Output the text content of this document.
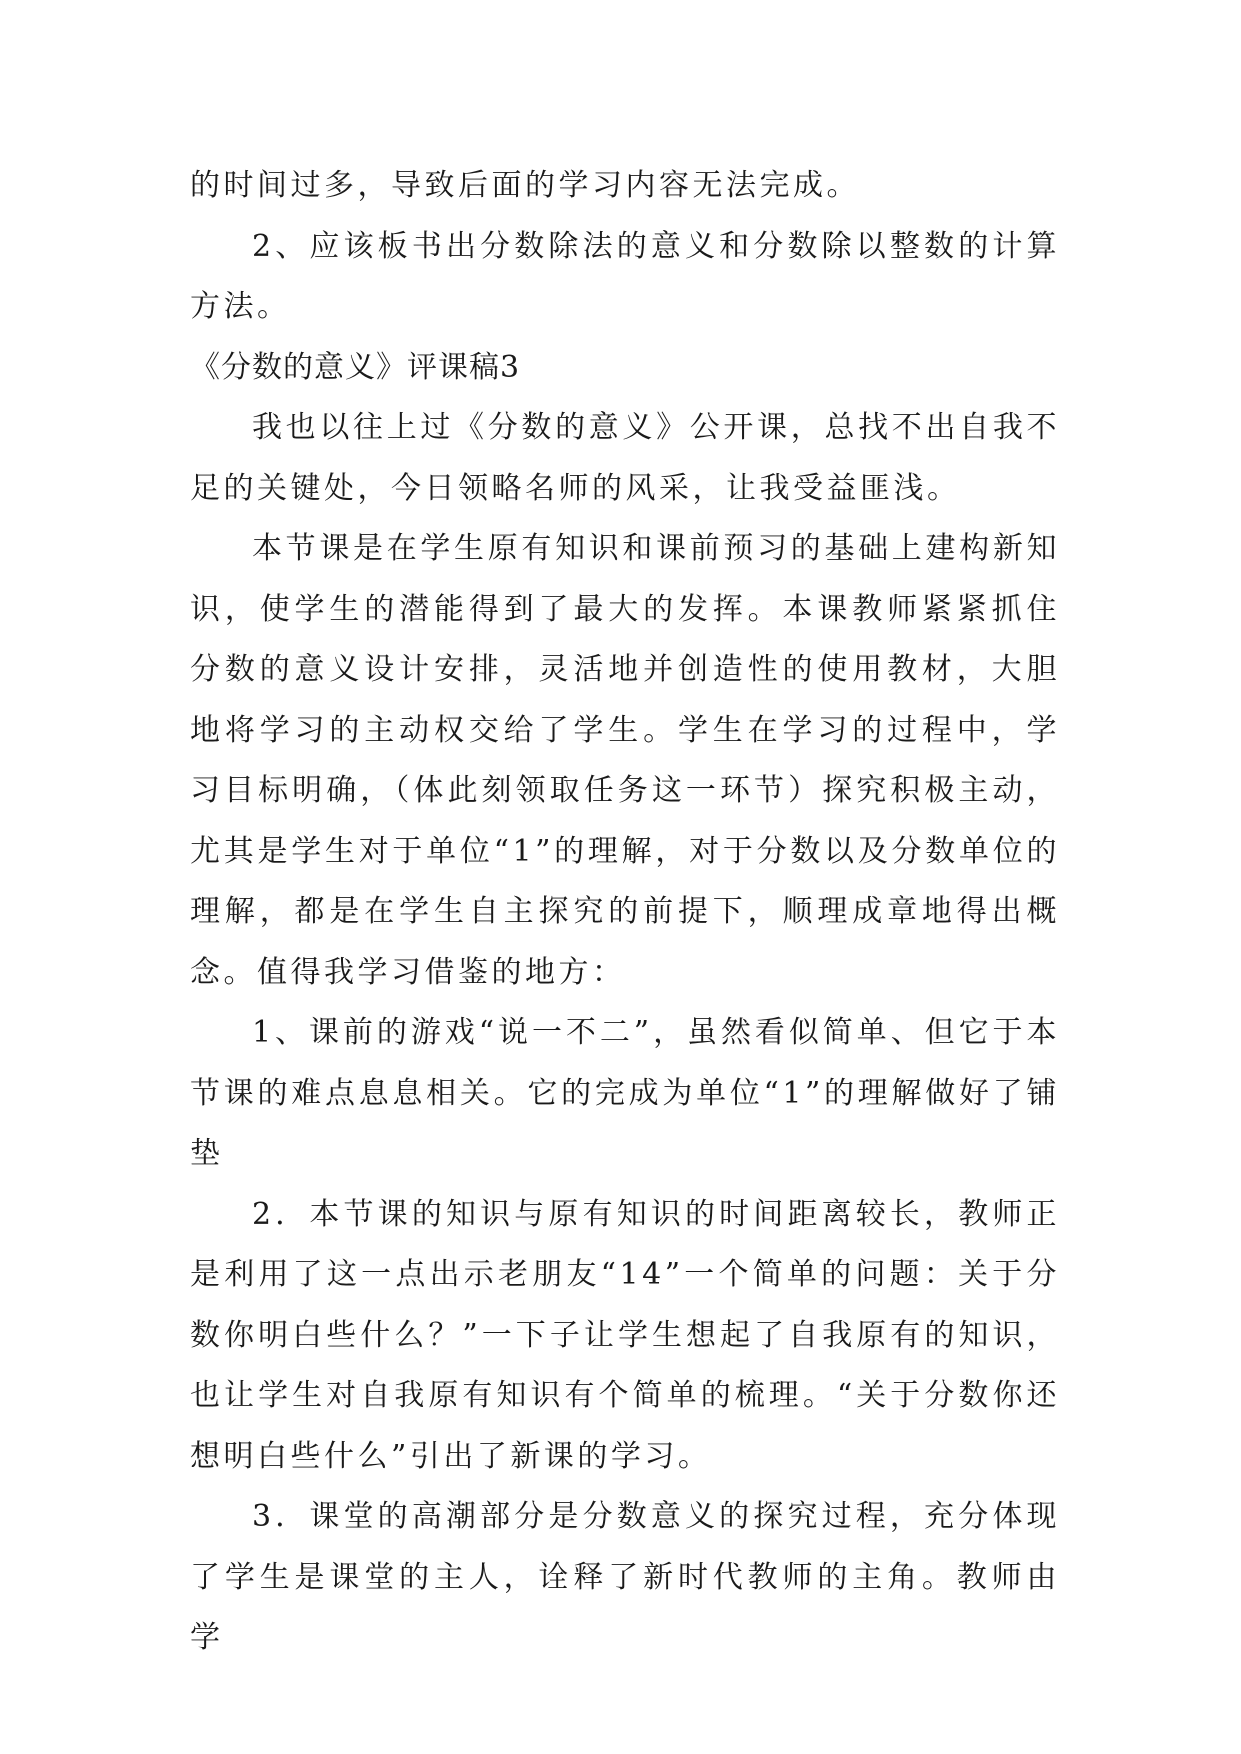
的时间过多，导致后面的学习内容无法完成。

2、应该板书出分数除法的意义和分数除以整数的计算方法。

《分数的意义》评课稿3

我也以往上过《分数的意义》公开课，总找不出自我不足的关键处，今日领略名师的风采，让我受益匪浅。

本节课是在学生原有知识和课前预习的基础上建构新知识，使学生的潜能得到了最大的发挥。本课教师紧紧抓住分数的意义设计安排，灵活地并创造性的使用教材，大胆地将学习的主动权交给了学生。学生在学习的过程中，学习目标明确，（体此刻领取任务这一环节）探究积极主动，尤其是学生对于单位“1”的理解，对于分数以及分数单位的理解，都是在学生自主探究的前提下，顺理成章地得出概念。值得我学习借鉴的地方：

1、课前的游戏“说一不二”，虽然看似简单、但它于本节课的难点息息相关。它的完成为单位“1”的理解做好了铺垫

2．本节课的知识与原有知识的时间距离较长，教师正是利用了这一点出示老朋友“14”一个简单的问题：关于分数你明白些什么？”一下子让学生想起了自我原有的知识，也让学生对自我原有知识有个简单的梳理。“关于分数你还想明白些什么”引出了新课的学习。

3．课堂的高潮部分是分数意义的探究过程，充分体现了学生是课堂的主人，诠释了新时代教师的主角。教师由学
